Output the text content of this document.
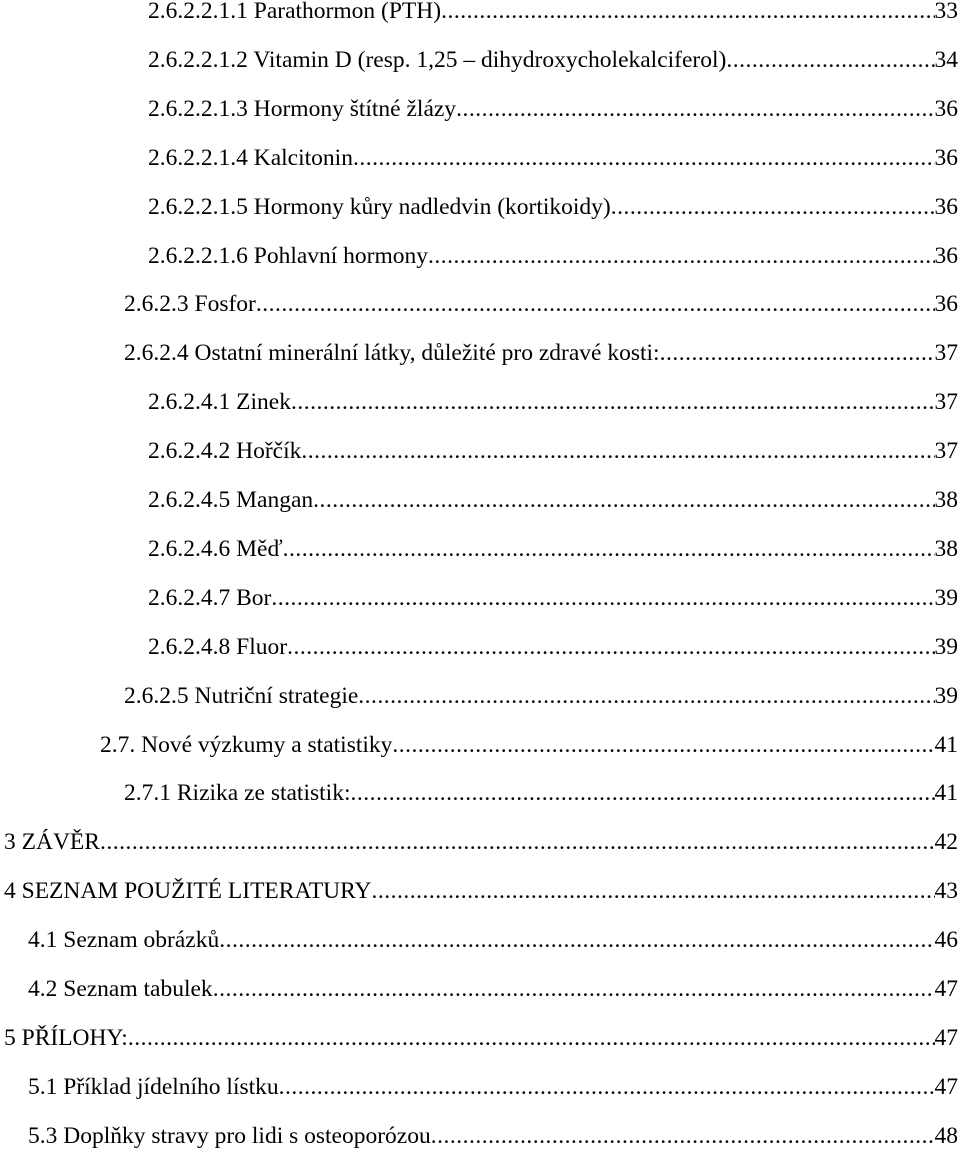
2.6.2.2.1.1 Parathormon (PTH) .....	33
2.6.2.2.1.2 Vitamin D (resp. 1,25 – dihydroxycholekalciferol) .....	34
2.6.2.2.1.3 Hormony štítné žlázy .....	36
2.6.2.2.1.4 Kalcitonin .....	36
2.6.2.2.1.5 Hormony kůry nadledvin (kortikoidy) .....	36
2.6.2.2.1.6 Pohlavní hormony .....	36
2.6.2.3 Fosfor .....	36
2.6.2.4 Ostatní minerální látky, důležité pro zdravé kosti: .....	37
2.6.2.4.1 Zinek .....	37
2.6.2.4.2 Hořčík .....	37
2.6.2.4.5 Mangan .....	38
2.6.2.4.6 Měď .....	38
2.6.2.4.7 Bor .....	39
2.6.2.4.8 Fluor .....	39
2.6.2.5 Nutriční strategie .....	39
2.7. Nové výzkumy a statistiky .....	41
2.7.1 Rizika ze statistik: .....	41
3 ZÁVĚR .....	42
4 SEZNAM POUŽITÉ LITERATURY .....	43
4.1 Seznam obrázků .....	46
4.2 Seznam tabulek .....	47
5 PŘÍLOHY: .....	47
5.1 Příklad jídelního lístku .....	47
5.3 Doplňky stravy pro lidi s osteoporózou .....	48
